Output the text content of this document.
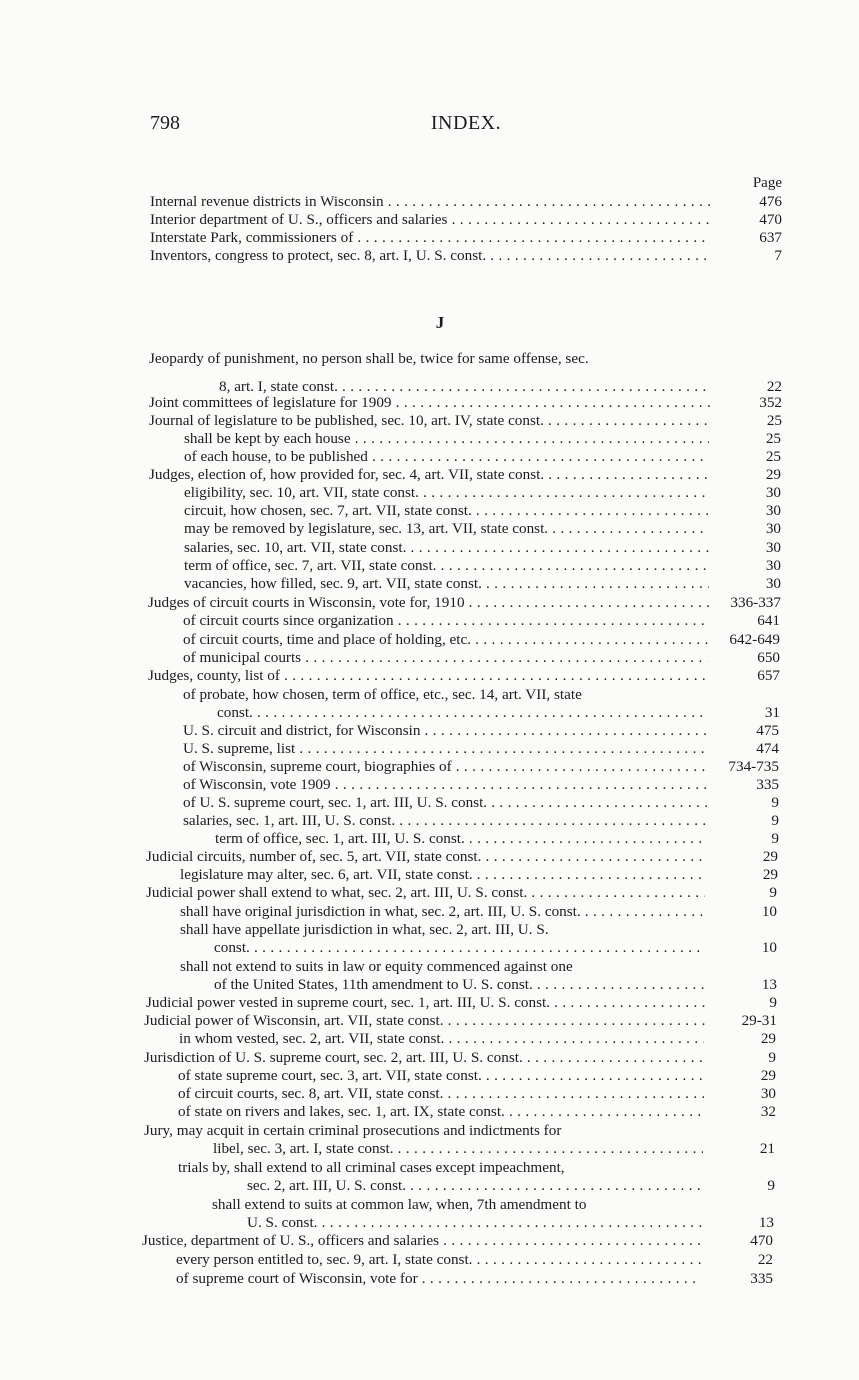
798	INDEX.
Page
J
Internal revenue districts in Wisconsin . . .	476
Interior department of U. S., officers and salaries . . .	470
Interstate Park, commissioners of . . .	637
Inventors, congress to protect, sec. 8, art. I, U. S. const. . . .	7
Jeopardy of punishment, no person shall be, twice for same offense, sec.
8, art. I, state const. . . .	22
Joint committees of legislature for 1909 . . .	352
Journal of legislature to be published, sec. 10, art. IV, state const. . . .	25
shall be kept by each house . . .	25
of each house, to be published . . .	25
Judges, election of, how provided for, sec. 4, art. VII, state const. . . .	29
eligibility, sec. 10, art. VII, state const. . . .	30
circuit, how chosen, sec. 7, art. VII, state const. . . .	30
may be removed by legislature, sec. 13, art. VII, state const. . . .	30
salaries, sec. 10, art. VII, state const. . . .	30
term of office, sec. 7, art. VII, state const. . . .	30
vacancies, how filled, sec. 9, art. VII, state const. . . .	30
Judges of circuit courts in Wisconsin, vote for, 1910 . . .	336-337
of circuit courts since organization . . .	641
of circuit courts, time and place of holding, etc. . . .	642-649
of municipal courts . . .	650
Judges, county, list of . . .	657
of probate, how chosen, term of office, etc., sec. 14, art. VII, state
const. . . .	31
U. S. circuit and district, for Wisconsin . . .	475
U. S. supreme, list . . .	474
of Wisconsin, supreme court, biographies of . . .	734-735
of Wisconsin, vote 1909 . . .	335
of U. S. supreme court, sec. 1, art. III, U. S. const. . . .	9
salaries, sec. 1, art. III, U. S. const. . . .	9
term of office, sec. 1, art. III, U. S. const. . . .	9
Judicial circuits, number of, sec. 5, art. VII, state const. . . .	29
legislature may alter, sec. 6, art. VII, state const. . . .	29
Judicial power shall extend to what, sec. 2, art. III, U. S. const. . . .	9
shall have original jurisdiction in what, sec. 2, art. III, U. S. const. . . .	10
shall have appellate jurisdiction in what, sec. 2, art. III, U. S.
const. . . .	10
shall not extend to suits in law or equity commenced against one
of the United States, 11th amendment to U. S. const. . . .	13
Judicial power vested in supreme court, sec. 1, art. III, U. S. const. . . .	9
Judicial power of Wisconsin, art. VII, state const. . . .	29-31
in whom vested, sec. 2, art. VII, state const. . . .	29
Jurisdiction of U. S. supreme court, sec. 2, art. III, U. S. const. . . .	9
of state supreme court, sec. 3, art. VII, state const. . . .	29
of circuit courts, sec. 8, art. VII, state const. . . .	30
of state on rivers and lakes, sec. 1, art. IX, state const. . . .	32
Jury, may acquit in certain criminal prosecutions and indictments for
libel, sec. 3, art. I, state const. . . .	21
trials by, shall extend to all criminal cases except impeachment,
sec. 2, art. III, U. S. const. . . .	9
shall extend to suits at common law, when, 7th amendment to
U. S. const. . . .	13
Justice, department of U. S., officers and salaries . . .	470
every person entitled to, sec. 9, art. I, state const. . . .	22
of supreme court of Wisconsin, vote for . . .	335
